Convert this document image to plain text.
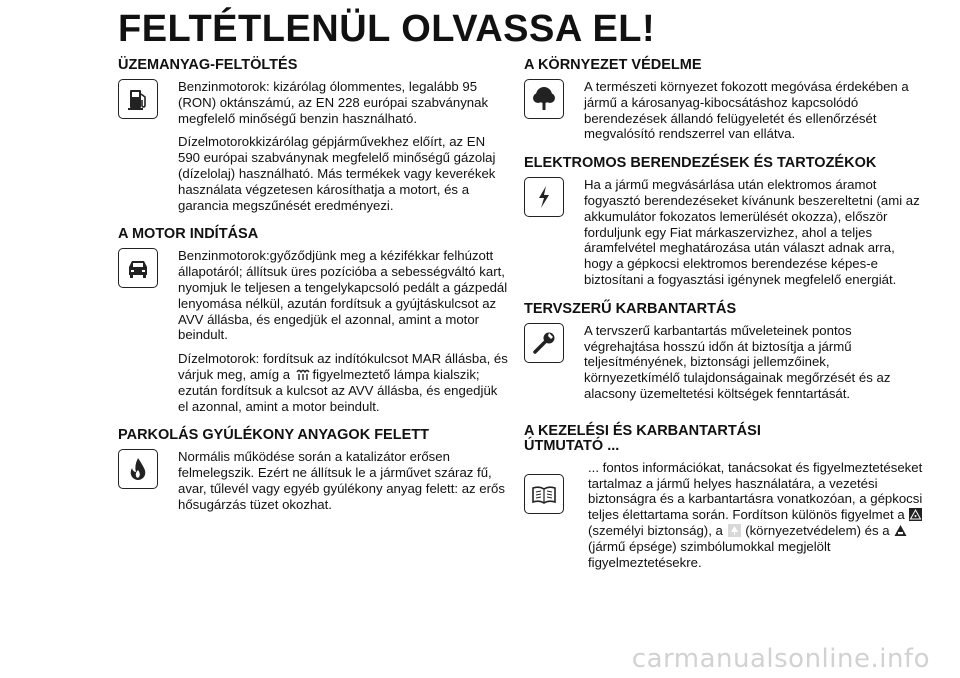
FELTÉTLENÜL OLVASSA EL!
ÜZEMANYAG-FELTÖLTÉS

Benzinmotorok: kizárólag ólommentes, legalább 95 (RON) oktánszámú, az EN 228 európai szabványnak megfelelő minőségű benzin használható.

Dízelmotorokkizárólag gépjárművekhez előírt, az EN 590 európai szabványnak megfelelő minőségű gázolaj (dízelolaj) használható. Más termékek vagy keverékek használata végzetesen károsíthatja a motort, és a garancia megszűnését eredményezi.

A MOTOR INDÍTÁSA

Benzinmotorok:győződjünk meg a kézifékkar felhúzott állapotáról; állítsuk üres pozícióba a sebességváltó kart, nyomjuk le teljesen a tengelykapcsoló pedált a gázpedál lenyomása nélkül, azután fordítsuk a gyújtáskulcsot az AVV állásba, és engedjük el azonnal, amint a motor beindult.

Dízelmotorok: fordítsuk az indítókulcsot MAR állásba, és várjuk meg, amíg a  figyelmeztető lámpa kialszik; ezután fordítsuk a kulcsot az AVV állásba, és engedjük el azonnal, amint a motor beindult.

PARKOLÁS GYÚLÉKONY ANYAGOK FELETT

Normális működése során a katalizátor erősen felmelegszik. Ezért ne állítsuk le a járművet száraz fű, avar, tűlevél vagy egyéb gyúlékony anyag felett: az erős hősugárzás tüzet okozhat.

A KÖRNYEZET VÉDELME

A természeti környezet fokozott megóvása érdekében a jármű a károsanyag-kibocsátáshoz kapcsolódó berendezések állandó felügyeletét és ellenőrzését megvalósító rendszerrel van ellátva.

ELEKTROMOS BERENDEZÉSEK ÉS TARTOZÉKOK

Ha a jármű megvásárlása után elektromos áramot fogyasztó berendezéseket kívánunk beszereltetni (ami az akkumulátor fokozatos lemerülését okozza), először forduljunk egy Fiat márkaszervizhez, ahol a teljes áramfelvétel meghatározása után választ adnak arra, hogy a gépkocsi elektromos berendezése képes-e biztosítani a fogyasztási igénynek megfelelő energiát.

TERVSZERŰ KARBANTARTÁS

A tervszerű karbantartás műveleteinek pontos végrehajtása hosszú időn át biztosítja a jármű teljesítményének, biztonsági jellemzőinek, környezetkímélő tulajdonságainak megőrzését és az alacsony üzemeltetési költségek fenntartását.

A KEZELÉSI ÉS KARBANTARTÁSI ÚTMUTATÓ ...

... fontos információkat, tanácsokat és figyelmeztetéseket tartalmaz a jármű helyes használatára, a vezetési biztonságra és a karbantartásra vonatkozóan, a gépkocsi teljes élettartama során. Fordítson különös figyelmet a (személyi biztonság), a  (környezetvédelem) és a  (jármű épsége) szimbólumokkal megjelölt figyelmeztetésekre.

carmanualsonline.info
